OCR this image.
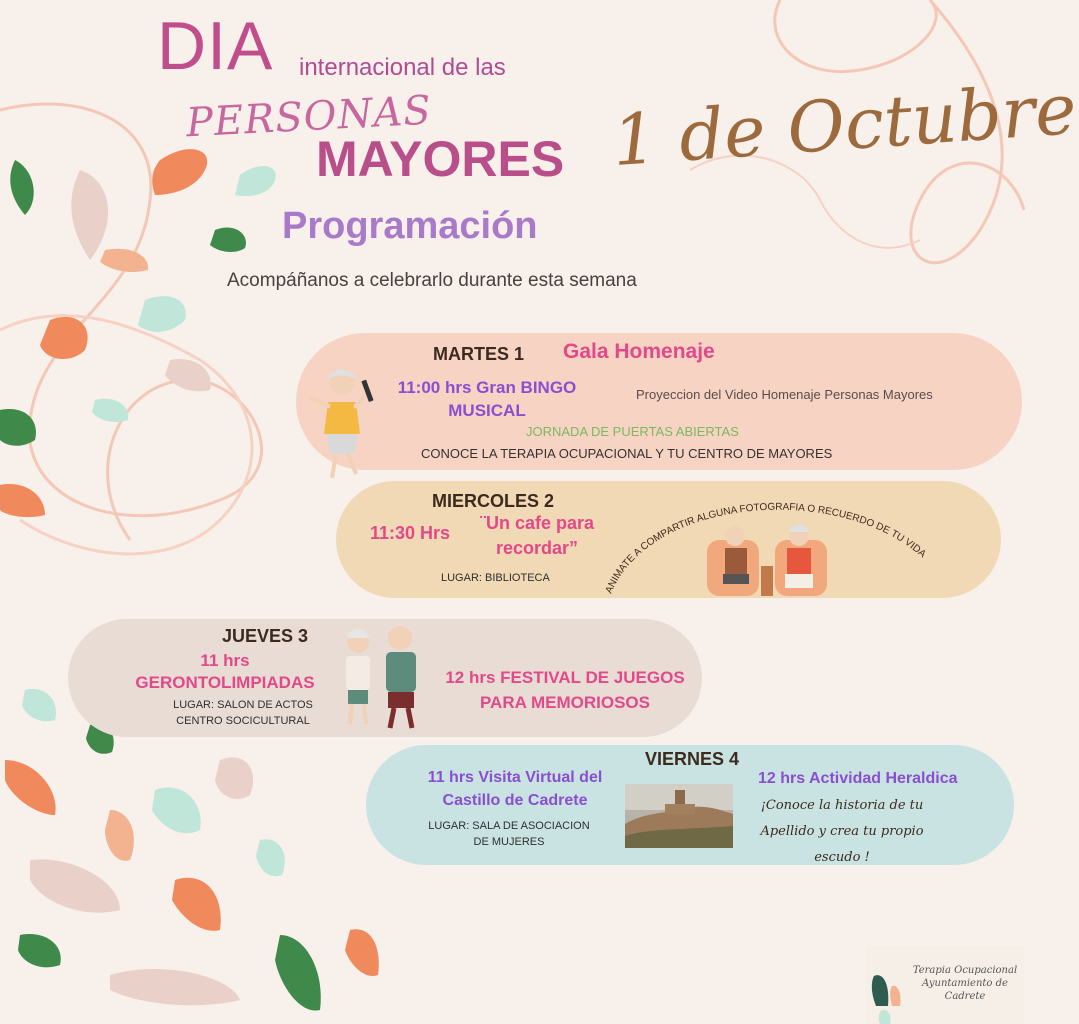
DIA internacional de las
PERSONAS
MAYORES 1 de Octubre
Programación
Acompáñanos a celebrarlo durante esta semana
MARTES 1 Gala Homenaje
11:00 hrs Gran BINGO MUSICAL
Proyeccion del Video Homenaje Personas Mayores
JORNADA DE PUERTAS ABIERTAS
CONOCE LA TERAPIA OCUPACIONAL Y TU CENTRO DE MAYORES
MIERCOLES 2
11:30 Hrs	¨Un cafe para recordar”
LUGAR: BIBLIOTECA
ANIMATE A COMPARTIR ALGUNA FOTOGRAFIA O RECUERDO DE TU VIDA
JUEVES 3
11 hrs GERONTOLIMPIADAS
LUGAR: SALON DE ACTOS CENTRO SOCICULTURAL
12 hrs FESTIVAL DE JUEGOS PARA MEMORIOSOS
VIERNES 4
11 hrs Visita Virtual del Castillo de Cadrete
LUGAR: SALA DE ASOCIACION DE MUJERES
12 hrs Actividad Heraldica
¡Conoce la historia de tu Apellido y crea tu propio escudo !
Terapia Ocupacional Ayuntamiento de Cadrete
